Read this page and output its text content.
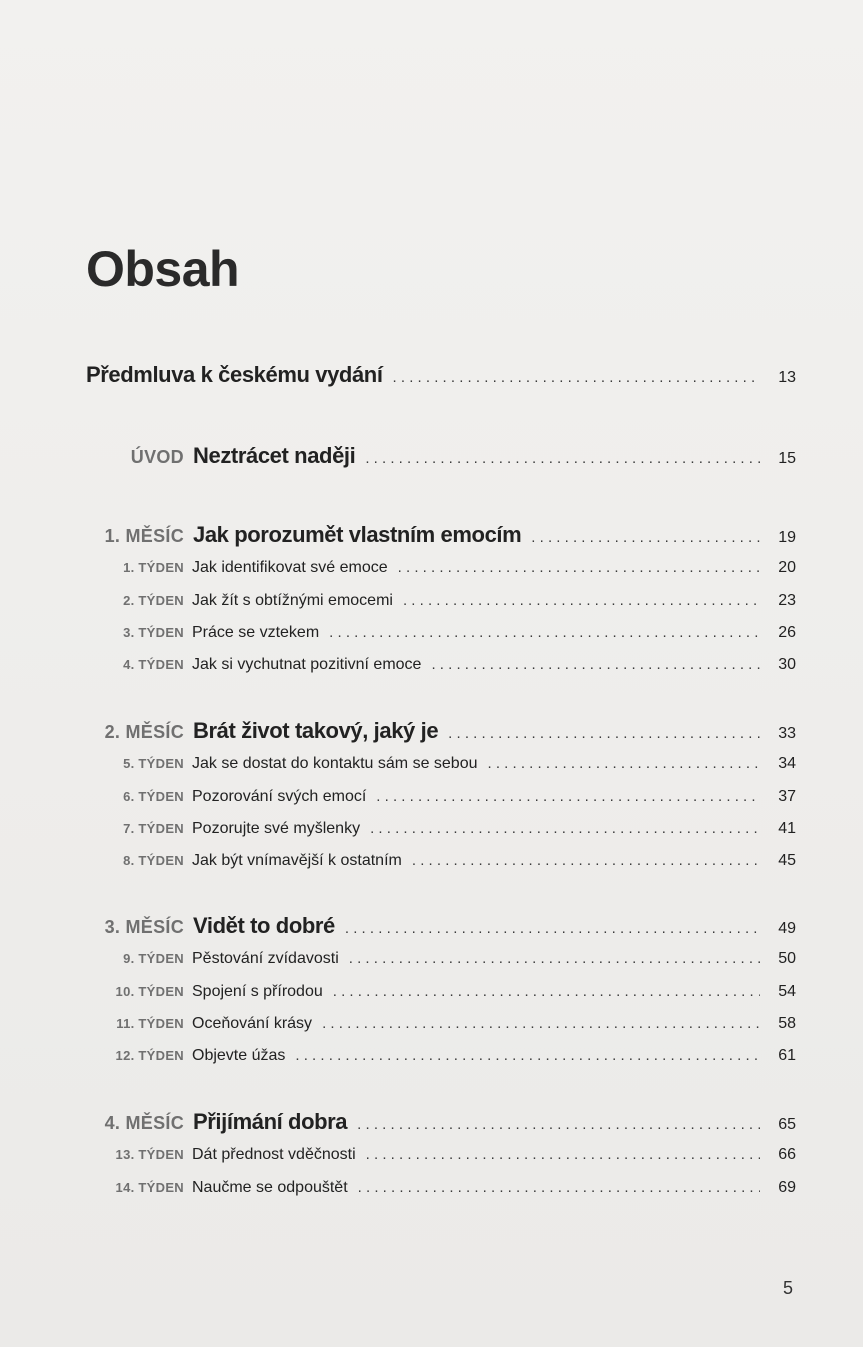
Obsah
Předmluva k českému vydání . . .	13
ÚVOD Neztrácet naději . . .	15
1. MĚSÍC Jak porozumět vlastním emocím . . .	19
1. TÝDEN Jak identifikovat své emoce . . .	20
2. TÝDEN Jak žít s obtížnými emocemi . . .	23
3. TÝDEN Práce se vztekem . . .	26
4. TÝDEN Jak si vychutnat pozitivní emoce . . .	30
2. MĚSÍC Brát život takový, jaký je . . .	33
5. TÝDEN Jak se dostat do kontaktu sám se sebou . . .	34
6. TÝDEN Pozorování svých emocí . . .	37
7. TÝDEN Pozorujte své myšlenky . . .	41
8. TÝDEN Jak být vnímavější k ostatním . . .	45
3. MĚSÍC Vidět to dobré . . .	49
9. TÝDEN Pěstování zvídavosti . . .	50
10. TÝDEN Spojení s přírodou . . .	54
11. TÝDEN Oceňování krásy . . .	58
12. TÝDEN Objevte úžas . . .	61
4. MĚSÍC Přijímání dobra . . .	65
13. TÝDEN Dát přednost vděčnosti . . .	66
14. TÝDEN Naučme se odpouštět . . .	69
5
